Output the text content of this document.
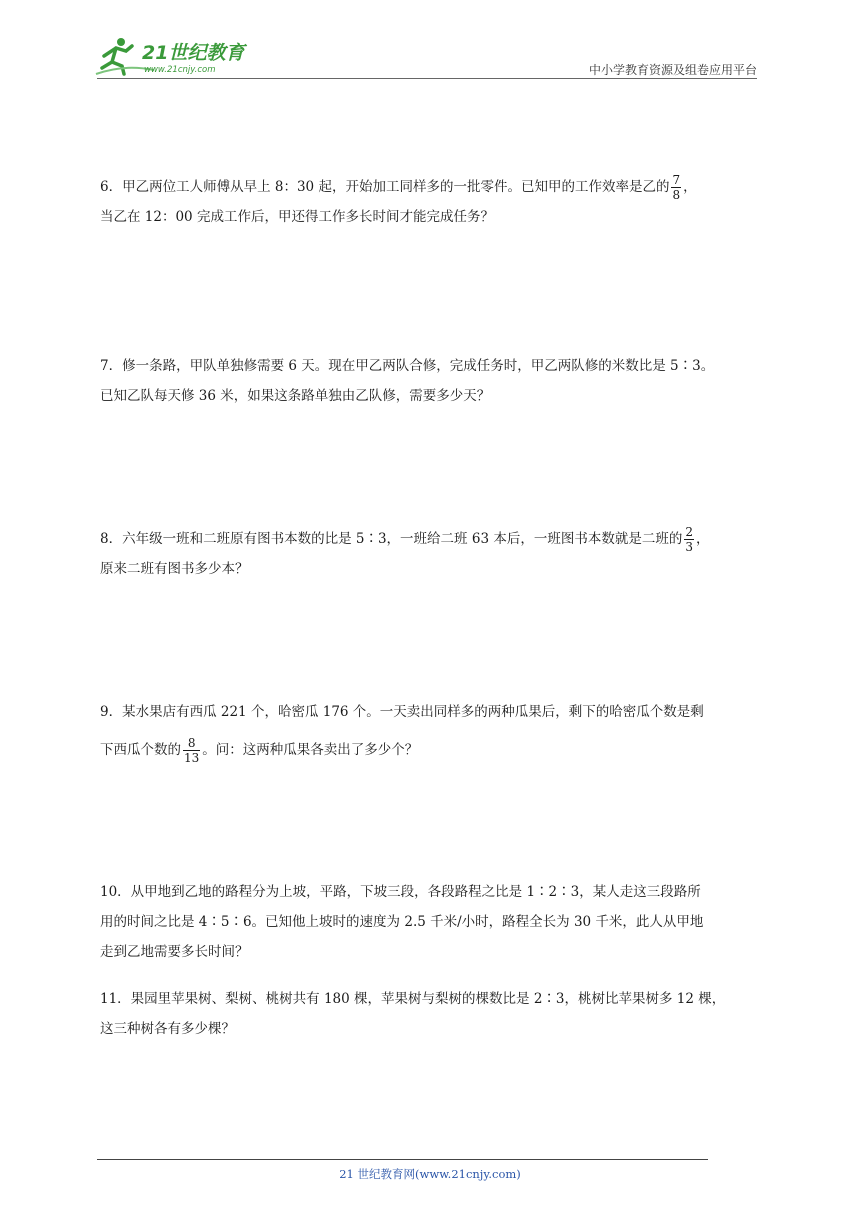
21世纪教育
www.21cnjy.com	中小学教育资源及组卷应用平台

6．甲乙两位工人师傅从早上 8：30 起，开始加工同样多的一批零件。已知甲的工作效率是乙的 $\frac{7}{8}$ ，

当乙在 12：00 完成工作后，甲还得工作多长时间才能完成任务？

7．修一条路，甲队单独修需要 6 天。现在甲乙两队合修，完成任务时，甲乙两队修的米数比是 5∶3。

已知乙队每天修 36 米，如果这条路单独由乙队修，需要多少天？

8．六年级一班和二班原有图书本数的比是 5∶3，一班给二班 63 本后，一班图书本数就是二班的 $\frac{2}{3}$ ，

原来二班有图书多少本？

9．某水果店有西瓜 221 个，哈密瓜 176 个。一天卖出同样多的两种瓜果后，剩下的哈密瓜个数是剩

下西瓜个数的 $\frac{8}{13}$ 。问：这两种瓜果各卖出了多少个？

10．从甲地到乙地的路程分为上坡，平路，下坡三段，各段路程之比是 1∶2∶3，某人走这三段路所

用的时间之比是 4∶5∶6。已知他上坡时的速度为 2.5 千米/小时，路程全长为 30 千米，此人从甲地

走到乙地需要多长时间？

11．果园里苹果树、梨树、桃树共有 180 棵，苹果树与梨树的棵数比是 2∶3，桃树比苹果树多 12 棵，

这三种树各有多少棵？

21 世纪教育网(www.21cnjy.com)
